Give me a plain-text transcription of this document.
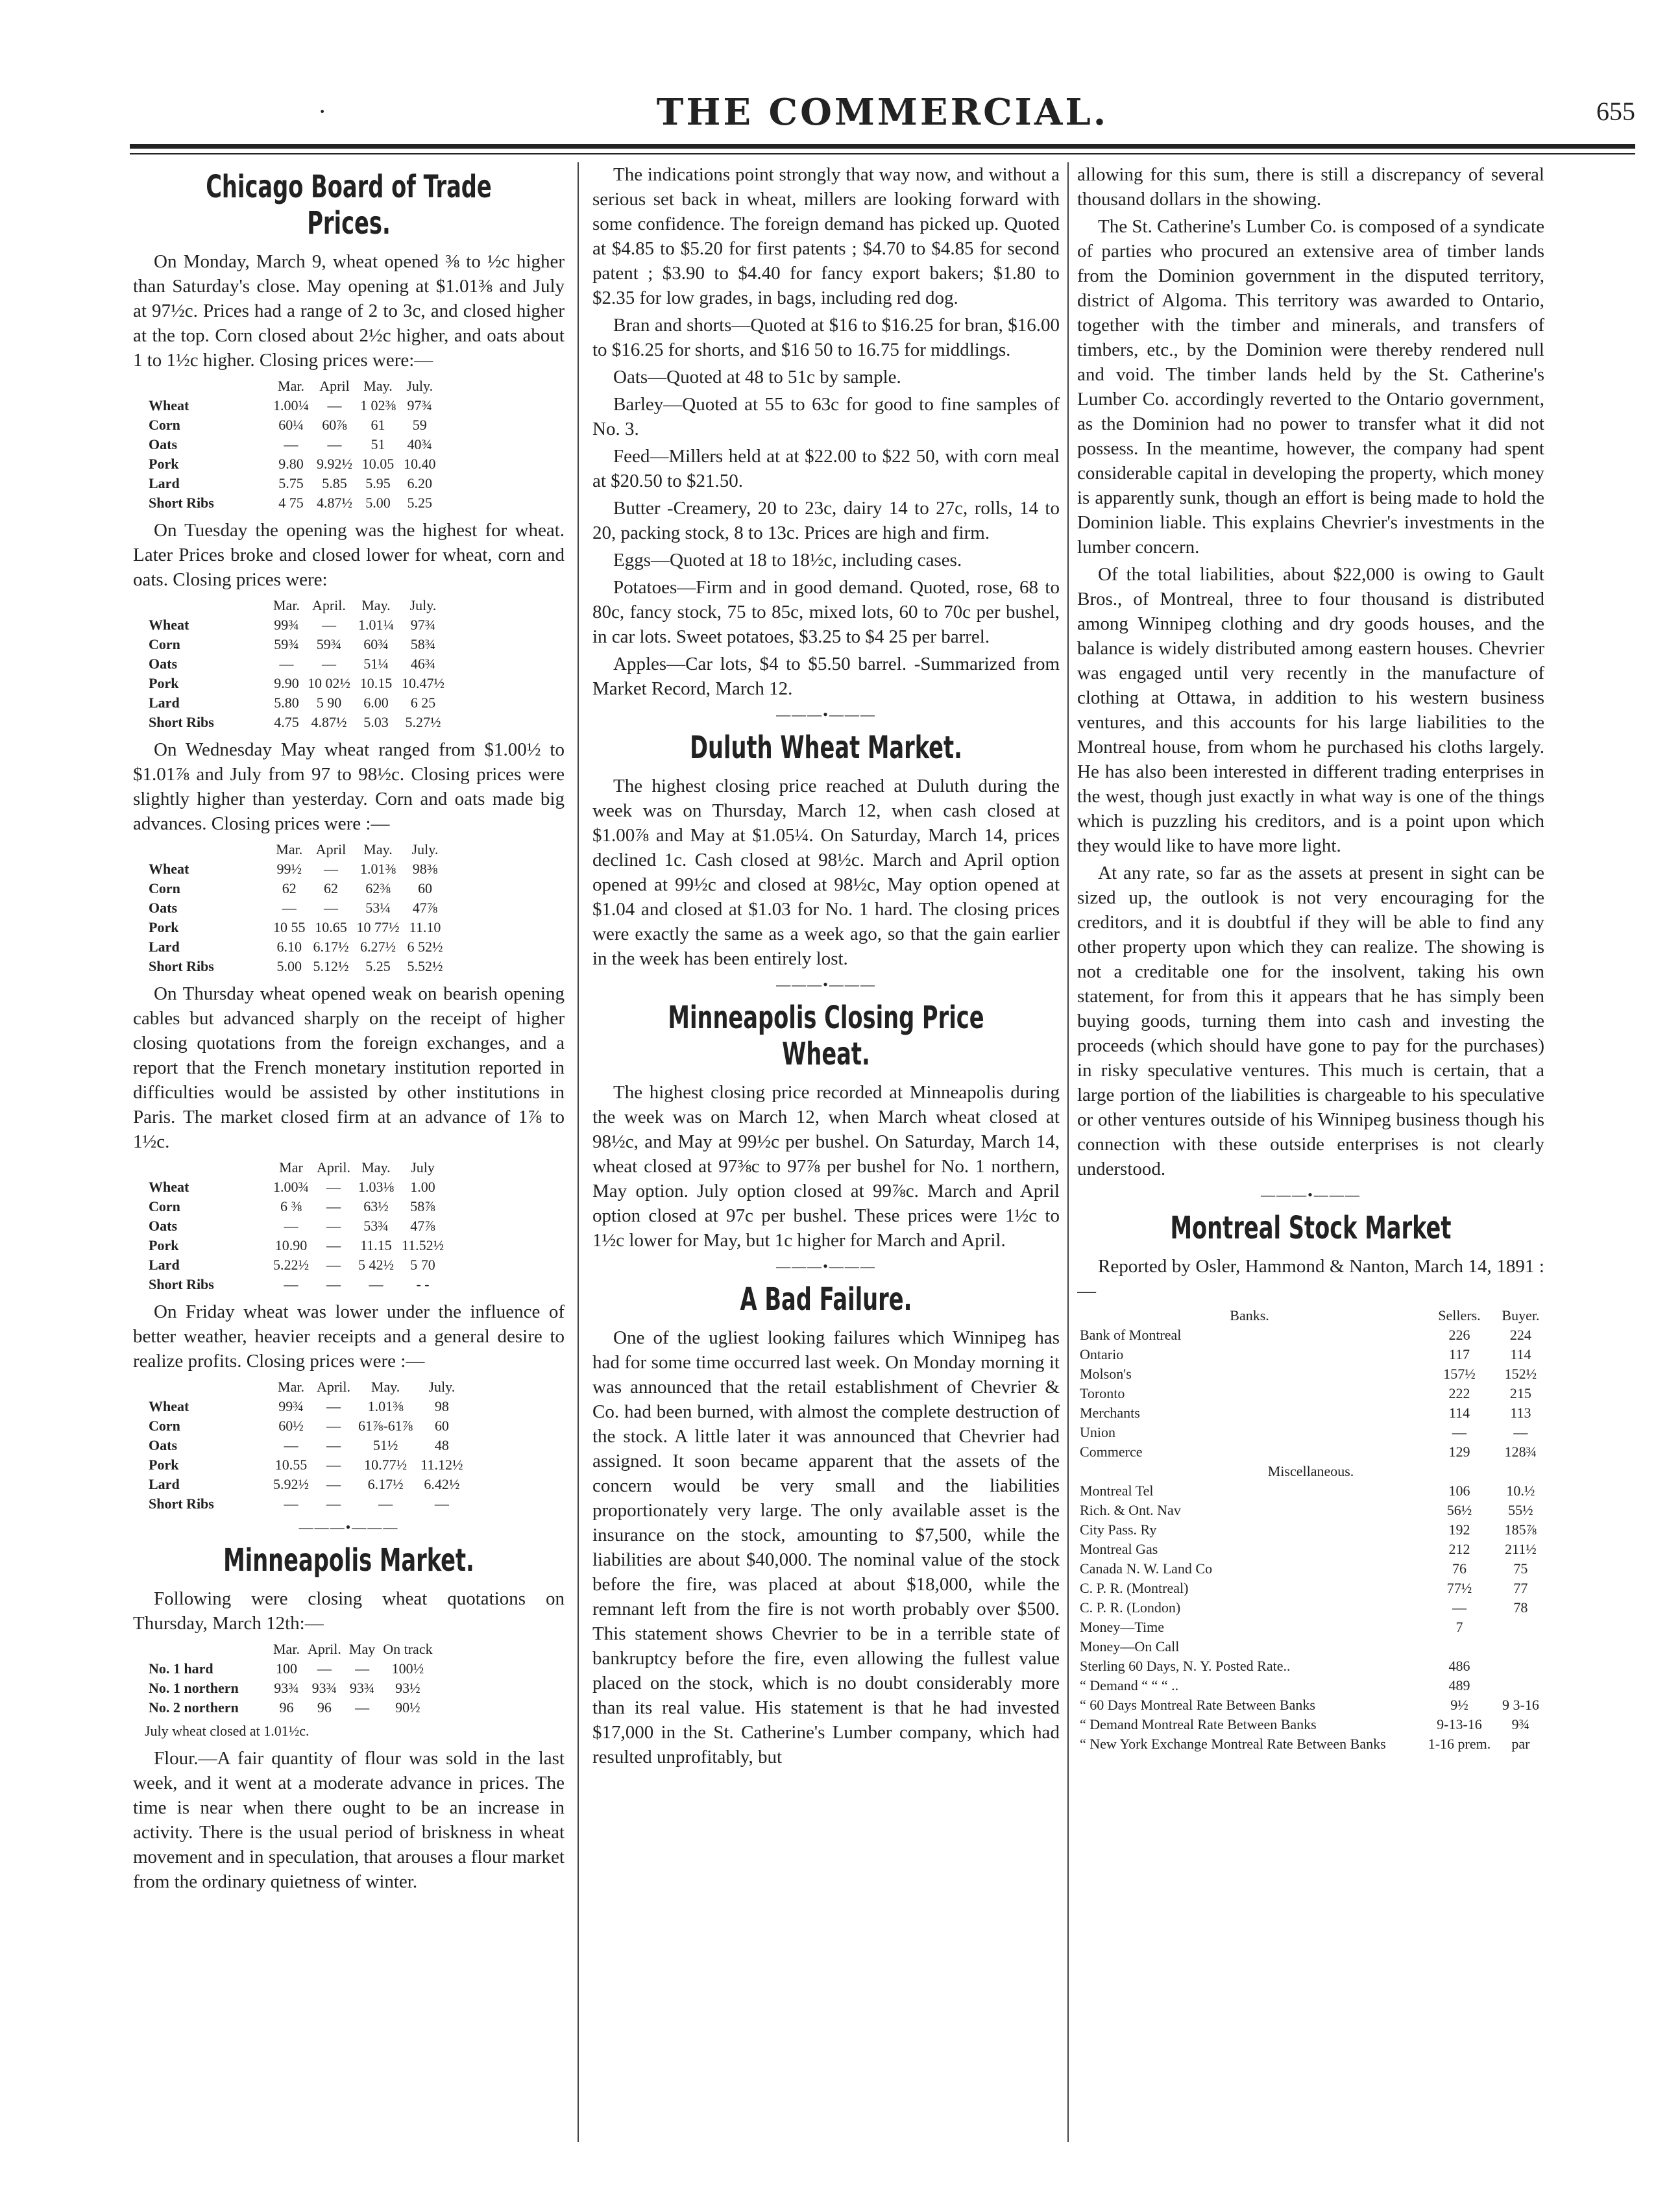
·	THE COMMERCIAL.	655
Chicago Board of Trade Prices.

On Monday, March 9, wheat opened ⅜ to ½c higher than Saturday's close. May opening at $1.01⅜ and July at 97½c. Prices had a range of 2 to 3c, and closed higher at the top. Corn closed about 2½c higher, and oats about 1 to 1½c higher. Closing prices were:—

	Mar.	April	May.	July.
Wheat	1.00¼	—	1 02⅜	97¾
Corn	60¼	60⅞	61	59
Oats	—	—	51	40¾
Pork	9.80	9.92½	10.05	10.40
Lard	5.75	5.85	5.95	6.20
Short Ribs	4 75	4.87½	5.00	5.25

On Tuesday the opening was the highest for wheat. Later Prices broke and closed lower for wheat, corn and oats. Closing prices were:

	Mar.	April.	May.	July.
Wheat	99¾	—	1.01¼	97¾
Corn	59¾	59¾	60¾	58¾
Oats	—	—	51¼	46¾
Pork	9.90	10 02½	10.15	10.47½
Lard	5.80	5 90	6.00	6 25
Short Ribs	4.75	4.87½	5.03	5.27½

On Wednesday May wheat ranged from $1.00½ to $1.01⅞ and July from 97 to 98½c. Closing prices were slightly higher than yesterday. Corn and oats made big advances. Closing prices were :—

	Mar.	April	May.	July.
Wheat	99½	—	1.01⅜	98⅜
Corn	62	62	62⅜	60
Oats	—	—	53¼	47⅞
Pork	10 55	10.65	10 77½	11.10
Lard	6.10	6.17½	6.27½	6 52½
Short Ribs	5.00	5.12½	5.25	5.52½

On Thursday wheat opened weak on bearish opening cables but advanced sharply on the receipt of higher closing quotations from the foreign exchanges, and a report that the French monetary institution reported in difficulties would be assisted by other institutions in Paris. The market closed firm at an advance of 1⅞ to 1½c.

	Mar	April.	May.	July
Wheat	1.00¾	—	1.03⅛	1.00
Corn	6 ⅜	—	63½	58⅞
Oats	—	—	53¾	47⅞
Pork	10.90	—	11.15	11.52½
Lard	5.22½	—	5 42½	5 70
Short Ribs	—	—	—	- -

On Friday wheat was lower under the influence of better weather, heavier receipts and a general desire to realize profits. Closing prices were :—

	Mar.	April.	May.	July.
Wheat	99¾	—	1.01⅜	98
Corn	60½	—	61⅞-61⅞	60
Oats	—	—	51½	48
Pork	10.55	—	10.77½	11.12½
Lard	5.92½	—	6.17½	6.42½
Short Ribs	—	—	—	—
———•———
Minneapolis Market.

Following were closing wheat quotations on Thursday, March 12th:—

	Mar.	April.	May	On track
No. 1 hard	100	—	—	100½
No. 1 northern	93¾	93¾	93¾	93½
No. 2 northern	96	96	—	90½
July wheat closed at 1.01½c.

Flour.—A fair quantity of flour was sold in the last week, and it went at a moderate advance in prices. The time is near when there ought to be an increase in activity. There is the usual period of briskness in wheat movement and in speculation, that arouses a flour market from the ordinary quietness of winter.

The indications point strongly that way now, and without a serious set back in wheat, millers are looking forward with some confidence. The foreign demand has picked up. Quoted at $4.85 to $5.20 for first patents ; $4.70 to $4.85 for second patent ; $3.90 to $4.40 for fancy export bakers; $1.80 to $2.35 for low grades, in bags, including red dog.

Bran and shorts—Quoted at $16 to $16.25 for bran, $16.00 to $16.25 for shorts, and $16 50 to 16.75 for middlings.

Oats—Quoted at 48 to 51c by sample.

Barley—Quoted at 55 to 63c for good to fine samples of No. 3.

Feed—Millers held at at $22.00 to $22 50, with corn meal at $20.50 to $21.50.

Butter -Creamery, 20 to 23c, dairy 14 to 27c, rolls, 14 to 20, packing stock, 8 to 13c. Prices are high and firm.

Eggs—Quoted at 18 to 18½c, including cases.

Potatoes—Firm and in good demand. Quoted, rose, 68 to 80c, fancy stock, 75 to 85c, mixed lots, 60 to 70c per bushel, in car lots. Sweet potatoes, $3.25 to $4 25 per barrel.

Apples—Car lots, $4 to $5.50 barrel. -Summarized from Market Record, March 12.

———•———
Duluth Wheat Market.

The highest closing price reached at Duluth during the week was on Thursday, March 12, when cash closed at $1.00⅞ and May at $1.05¼. On Saturday, March 14, prices declined 1c. Cash closed at 98½c. March and April option opened at 99½c and closed at 98½c, May option opened at $1.04 and closed at $1.03 for No. 1 hard. The closing prices were exactly the same as a week ago, so that the gain earlier in the week has been entirely lost.

———•———
Minneapolis Closing Price Wheat.

The highest closing price recorded at Minneapolis during the week was on March 12, when March wheat closed at 98½c, and May at 99½c per bushel. On Saturday, March 14, wheat closed at 97⅜c to 97⅞ per bushel for No. 1 northern, May option. July option closed at 99⅞c. March and April option closed at 97c per bushel. These prices were 1½c to 1½c lower for May, but 1c higher for March and April.

———•———
A Bad Failure.

One of the ugliest looking failures which Winnipeg has had for some time occurred last week. On Monday morning it was announced that the retail establishment of Chevrier & Co. had been burned, with almost the complete destruction of the stock. A little later it was announced that Chevrier had assigned. It soon became apparent that the assets of the concern would be very small and the liabilities proportionately very large. The only available asset is the insurance on the stock, amounting to $7,500, while the liabilities are about $40,000. The nominal value of the stock before the fire, was placed at about $18,000, while the remnant left from the fire is not worth probably over $500. This statement shows Chevrier to be in a terrible state of bankruptcy before the fire, even allowing the fullest value placed on the stock, which is no doubt considerably more than its real value. His statement is that he had invested $17,000 in the St. Catherine's Lumber company, which had resulted unprofitably, but

allowing for this sum, there is still a discrepancy of several thousand dollars in the showing.

The St. Catherine's Lumber Co. is composed of a syndicate of parties who procured an extensive area of timber lands from the Dominion government in the disputed territory, district of Algoma. This territory was awarded to Ontario, together with the timber and minerals, and transfers of timbers, etc., by the Dominion were thereby rendered null and void. The timber lands held by the St. Catherine's Lumber Co. accordingly reverted to the Ontario government, as the Dominion had no power to transfer what it did not possess. In the meantime, however, the company had spent considerable capital in developing the property, which money is apparently sunk, though an effort is being made to hold the Dominion liable. This explains Chevrier's investments in the lumber concern.

Of the total liabilities, about $22,000 is owing to Gault Bros., of Montreal, three to four thousand is distributed among Winnipeg clothing and dry goods houses, and the balance is widely distributed among eastern houses. Chevrier was engaged until very recently in the manufacture of clothing at Ottawa, in addition to his western business ventures, and this accounts for his large liabilities to the Montreal house, from whom he purchased his cloths largely. He has also been interested in different trading enterprises in the west, though just exactly in what way is one of the things which is puzzling his creditors, and is a point upon which they would like to have more light.

At any rate, so far as the assets at present in sight can be sized up, the outlook is not very encouraging for the creditors, and it is doubtful if they will be able to find any other property upon which they can realize. The showing is not a creditable one for the insolvent, taking his own statement, for from this it appears that he has simply been buying goods, turning them into cash and investing the proceeds (which should have gone to pay for the purchases) in risky speculative ventures. This much is certain, that a large portion of the liabilities is chargeable to his speculative or other ventures outside of his Winnipeg business though his connection with these outside enterprises is not clearly understood.

———•———
Montreal Stock Market

Reported by Osler, Hammond & Nanton, March 14, 1891 :—

Banks.	Sellers.	Buyer.
Bank of Montreal	226	224
Ontario	117	114
Molson's	157½	152½
Toronto	222	215
Merchants	114	113
Union	—	—
Commerce	129	128¾
Miscellaneous.		
Montreal Tel	106	10.½
Rich. & Ont. Nav	56½	55½
City Pass. Ry	192	185⅞
Montreal Gas	212	211½
Canada N. W. Land Co	76	75
C. P. R. (Montreal)	77½	77
C. P. R. (London)	—	78
Money—Time	7	
Money—On Call		
Sterling 60 Days, N. Y. Posted Rate..	486	
“ Demand “ “ “ ..	489	
“ 60 Days Montreal Rate Between Banks	9½	9 3-16
“ Demand Montreal Rate Between Banks	9-13-16	9¾
“ New York Exchange Montreal Rate Between Banks	1-16 prem.	par
